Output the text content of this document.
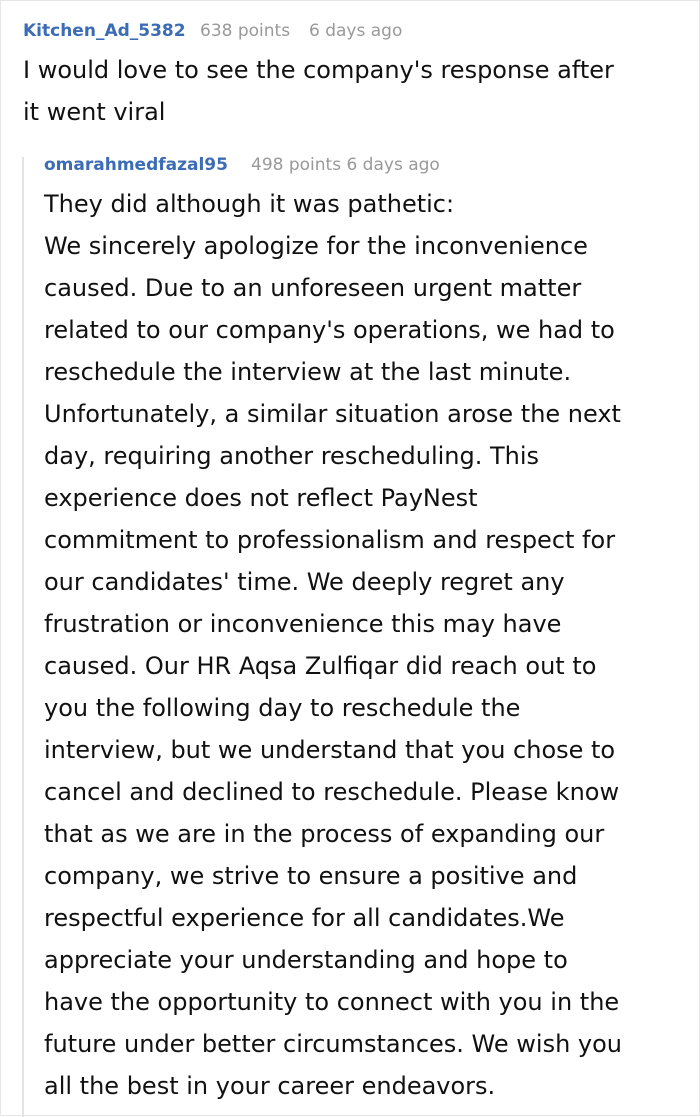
Kitchen_Ad_5382 638 points 6 days ago
I would love to see the company's response after
it went viral
omarahmedfazal95 498 points 6 days ago
They did although it was pathetic:
We sincerely apologize for the inconvenience
caused. Due to an unforeseen urgent matter
related to our company's operations, we had to
reschedule the interview at the last minute.
Unfortunately, a similar situation arose the next
day, requiring another rescheduling. This
experience does not reflect PayNest
commitment to professionalism and respect for
our candidates' time. We deeply regret any
frustration or inconvenience this may have
caused. Our HR Aqsa Zulfiqar did reach out to
you the following day to reschedule the
interview, but we understand that you chose to
cancel and declined to reschedule. Please know
that as we are in the process of expanding our
company, we strive to ensure a positive and
respectful experience for all candidates.We
appreciate your understanding and hope to
have the opportunity to connect with you in the
future under better circumstances. We wish you
all the best in your career endeavors.
